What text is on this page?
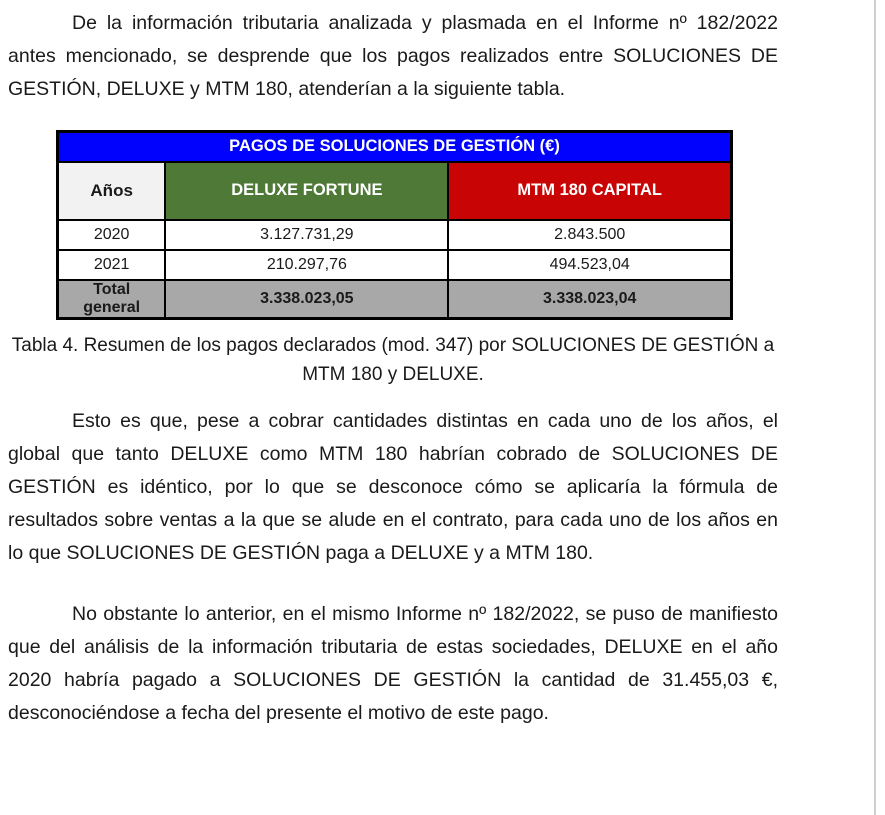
De la información tributaria analizada y plasmada en el Informe nº 182/2022 antes mencionado, se desprende que los pagos realizados entre SOLUCIONES DE GESTIÓN, DELUXE y MTM 180, atenderían a la siguiente tabla.

PAGOS DE SOLUCIONES DE GESTIÓN (€)		
Años	DELUXE FORTUNE	MTM 180 CAPITAL
2020	3.127.731,29	2.843.500
2021	210.297,76	494.523,04
Total general	3.338.023,05	3.338.023,04
Tabla 4. Resumen de los pagos declarados (mod. 347) por SOLUCIONES DE GESTIÓN a MTM 180 y DELUXE.

Esto es que, pese a cobrar cantidades distintas en cada uno de los años, el global que tanto DELUXE como MTM 180 habrían cobrado de SOLUCIONES DE GESTIÓN es idéntico, por lo que se desconoce cómo se aplicaría la fórmula de resultados sobre ventas a la que se alude en el contrato, para cada uno de los años en lo que SOLUCIONES DE GESTIÓN paga a DELUXE y a MTM 180.

No obstante lo anterior, en el mismo Informe nº 182/2022, se puso de manifiesto que del análisis de la información tributaria de estas sociedades, DELUXE en el año 2020 habría pagado a SOLUCIONES DE GESTIÓN la cantidad de 31.455,03 €, desconociéndose a fecha del presente el motivo de este pago.
